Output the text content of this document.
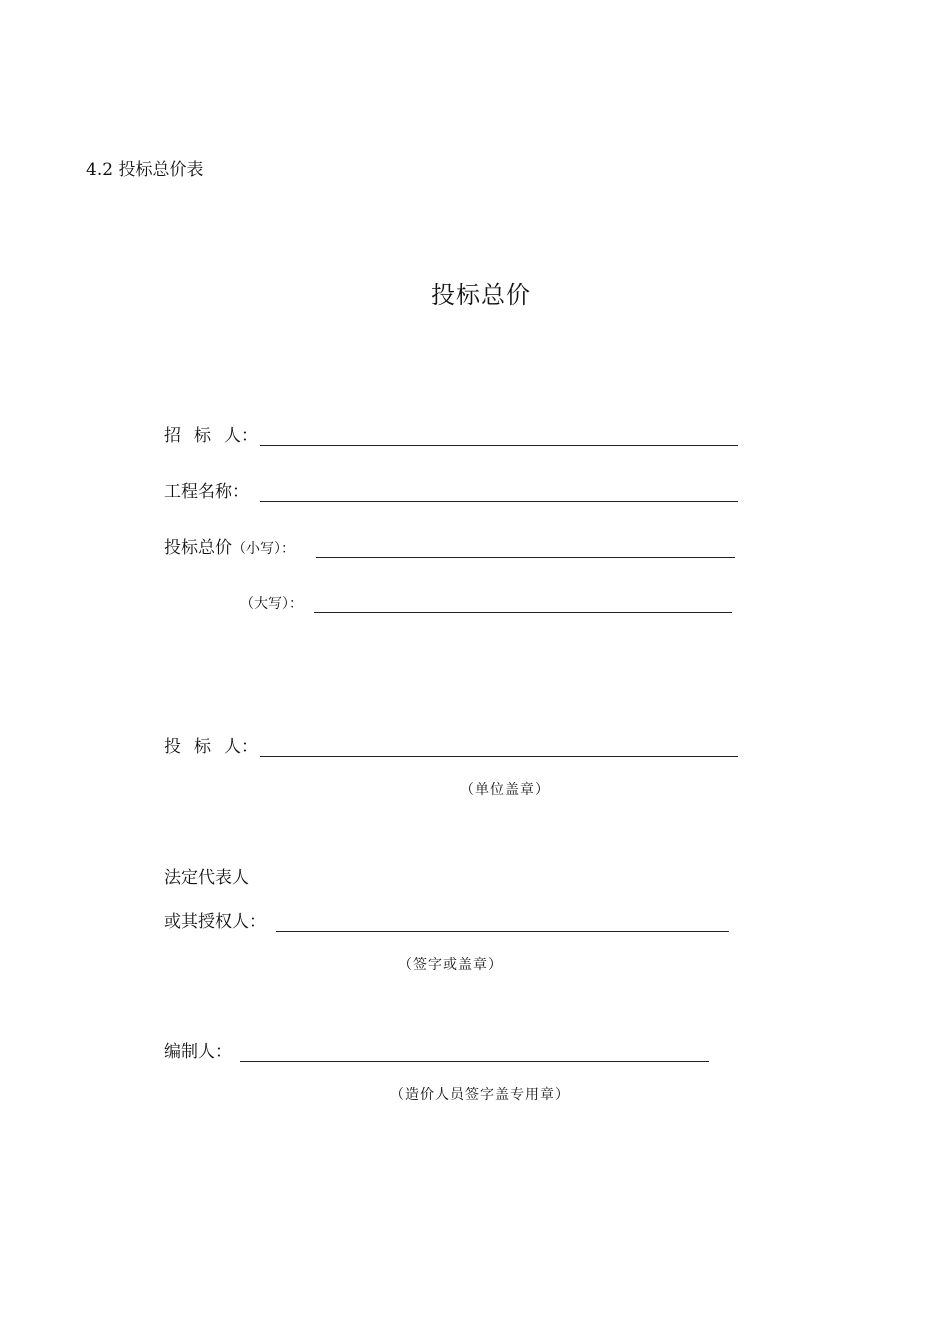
4.2 投标总价表
投标总价
招 标 人：
工程名称：
投标总价（小写）：
（大写）：
投 标 人：
（单位盖章）
法定代表人
或其授权人：
（签字或盖章）
编制人：
（造价人员签字盖专用章）
